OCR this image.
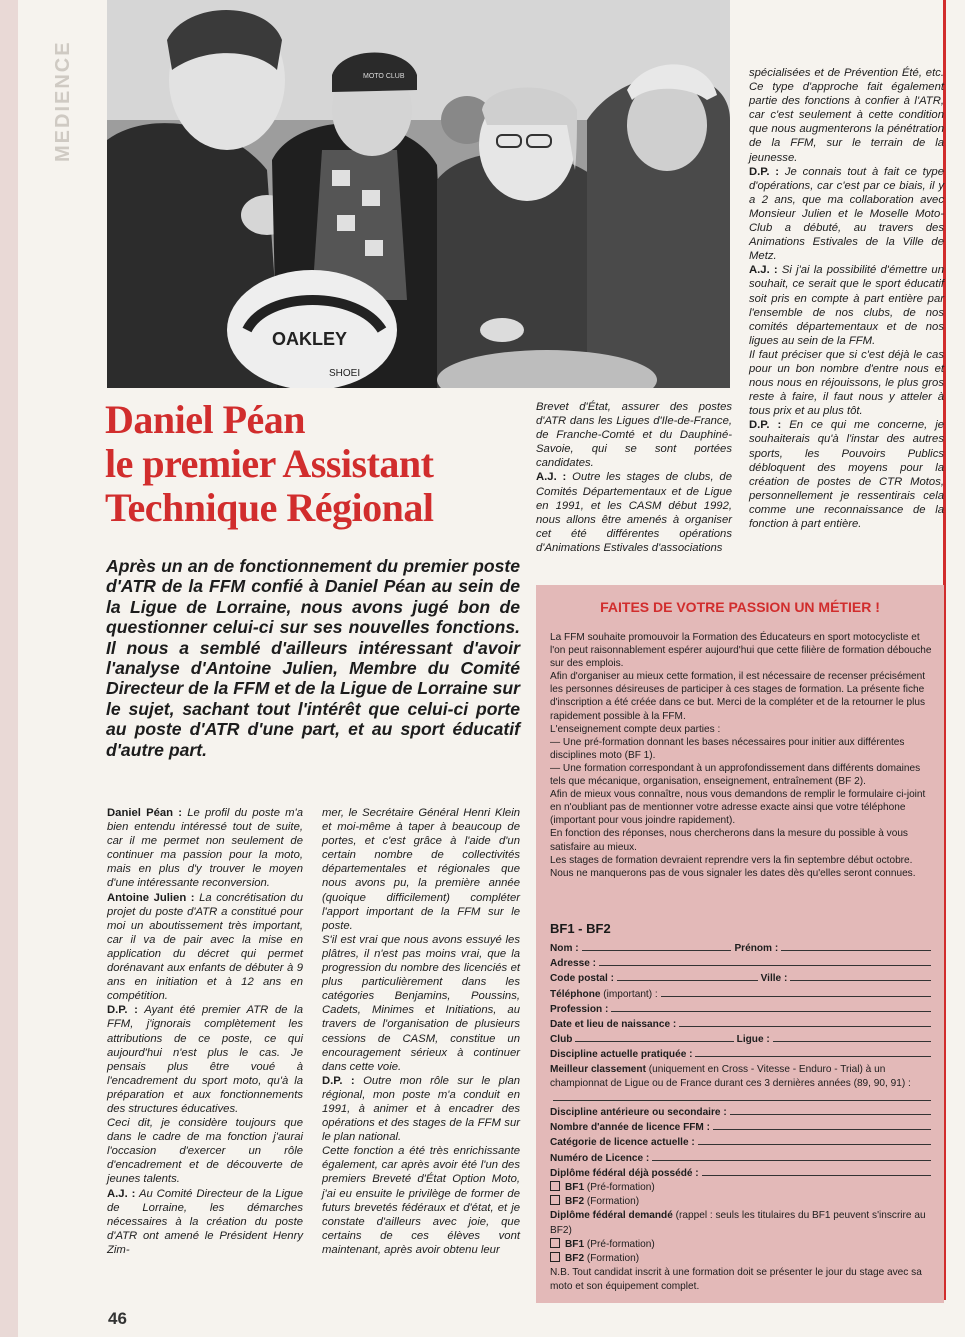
MEDIENCE	MOTO CLUB
OAKLEY
SHOEI
Daniel Péan
le premier Assistant
Technique Régional

Après un an de fonctionnement du premier poste d'ATR de la FFM confié à Daniel Péan au sein de la Ligue de Lorraine, nous avons jugé bon de questionner celui-ci sur ses nouvelles fonctions. Il nous a semblé d'ailleurs intéressant d'avoir l'analyse d'Antoine Julien, Membre du Comité Directeur de la FFM et de la Ligue de Lorraine sur le sujet, sachant tout l'intérêt que celui-ci porte au poste d'ATR d'une part, et au sport éducatif d'autre part.

Daniel Péan : Le profil du poste m'a bien entendu intéressé tout de suite, car il me permet non seulement de continuer ma passion pour la moto, mais en plus d'y trouver le moyen d'une intéressante reconversion.

Antoine Julien : La concrétisation du projet du poste d'ATR a constitué pour moi un aboutissement très important, car il va de pair avec la mise en application du décret qui permet dorénavant aux enfants de débuter à 9 ans en initiation et à 12 ans en compétition.

D.P. : Ayant été premier ATR de la FFM, j'ignorais complètement les attributions de ce poste, ce qui aujourd'hui n'est plus le cas. Je pensais plus être voué à l'encadrement du sport moto, qu'à la préparation et aux fonctionnements des structures éducatives.

Ceci dit, je considère toujours que dans le cadre de ma fonction j'aurai l'occasion d'exercer un rôle d'encadrement et de découverte de jeunes talents.

A.J. : Au Comité Directeur de la Ligue de Lorraine, les démarches nécessaires à la création du poste d'ATR ont amené le Président Henry Zim-

mer, le Secrétaire Général Henri Klein et moi-même à taper à beaucoup de portes, et c'est grâce à l'aide d'un certain nombre de collectivités départementales et régionales que nous avons pu, la première année (quoique difficilement) compléter l'apport important de la FFM sur le poste.

S'il est vrai que nous avons essuyé les plâtres, il n'est pas moins vrai, que la progression du nombre des licenciés et plus particulièrement dans les catégories Benjamins, Poussins, Cadets, Minimes et Initiations, au travers de l'organisation de plusieurs cessions de CASM, constitue un encouragement sérieux à continuer dans cette voie.

D.P. : Outre mon rôle sur le plan régional, mon poste m'a conduit en 1991, à animer et à encadrer des opérations et des stages de la FFM sur le plan national.

Cette fonction a été très enrichissante également, car après avoir été l'un des premiers Breveté d'État Option Moto, j'ai eu ensuite le privilège de former de futurs brevetés fédéraux et d'état, et je constate d'ailleurs avec joie, que certains de ces élèves vont maintenant, après avoir obtenu leur

Brevet d'État, assurer des postes d'ATR dans les Ligues d'Ile-de-France, de Franche-Comté et du Dauphiné-Savoie, qui se sont portées candidates.

A.J. : Outre les stages de clubs, de Comités Départementaux et de Ligue en 1991, et les CASM début 1992, nous allons être amenés à organiser cet été différentes opérations d'Animations Estivales d'associations

spécialisées et de Prévention Été, etc. Ce type d'approche fait également partie des fonctions à confier à l'ATR, car c'est seulement à cette condition que nous augmenterons la pénétration de la FFM, sur le terrain de la jeunesse.

D.P. : Je connais tout à fait ce type d'opérations, car c'est par ce biais, il y a 2 ans, que ma collaboration avec Monsieur Julien et le Moselle Moto-Club a débuté, au travers des Animations Estivales de la Ville de Metz.

A.J. : Si j'ai la possibilité d'émettre un souhait, ce serait que le sport éducatif soit pris en compte à part entière par l'ensemble de nos clubs, de nos comités départementaux et de nos ligues au sein de la FFM.

Il faut préciser que si c'est déjà le cas pour un bon nombre d'entre nous et nous nous en réjouissons, le plus gros reste à faire, il faut nous y atteler à tous prix et au plus tôt.

D.P. : En ce qui me concerne, je souhaiterais qu'à l'instar des autres sports, les Pouvoirs Publics débloquent des moyens pour la création de postes de CTR Motos, personnellement je ressentirais cela comme une reconnaissance de la fonction à part entière.

FAITES DE VOTRE PASSION UN MÉTIER !

La FFM souhaite promouvoir la Formation des Éducateurs en sport motocycliste et l'on peut raisonnablement espérer aujourd'hui que cette filière de formation débouche sur des emplois.

Afin d'organiser au mieux cette formation, il est nécessaire de recenser précisément les personnes désireuses de participer à ces stages de formation. La présente fiche d'inscription a été créée dans ce but. Merci de la compléter et de la retourner le plus rapidement possible à la FFM.

L'enseignement compte deux parties :

— Une pré-formation donnant les bases nécessaires pour initier aux différentes disciplines moto (BF 1).

— Une formation correspondant à un approfondissement dans différents domaines tels que mécanique, organisation, enseignement, entraînement (BF 2).

Afin de mieux vous connaître, nous vous demandons de remplir le formulaire ci-joint en n'oubliant pas de mentionner votre adresse exacte ainsi que votre téléphone (important pour vous joindre rapidement).

En fonction des réponses, nous chercherons dans la mesure du possible à vous satisfaire au mieux.

Les stages de formation devraient reprendre vers la fin septembre début octobre. Nous ne manquerons pas de vous signaler les dates dès qu'elles seront connues.

BF1 - BF2
Nom :	Prénom :
Adresse :
Code postal :	Ville :
Téléphone
(important) :
Profession :
Date et lieu de naissance :
Club	Ligue :
Discipline actuelle pratiquée :
Meilleur classement (uniquement en Cross - Vitesse - Enduro - Trial) à un championnat de Ligue ou de France durant ces 3 dernières années (89, 90, 91) :
Discipline antérieure ou secondaire :
Nombre d'année de licence FFM :
Catégorie de licence actuelle :
Numéro de Licence :
Diplôme fédéral déjà possédé :
BF1 (Pré-formation)
BF2 (Formation)
Diplôme fédéral demandé (rappel : seuls les titulaires du BF1 peuvent s'inscrire au BF2)
BF1 (Pré-formation)
BF2 (Formation)
N.B. Tout candidat inscrit à une formation doit se présenter le jour du stage avec sa moto et son équipement complet.
46
